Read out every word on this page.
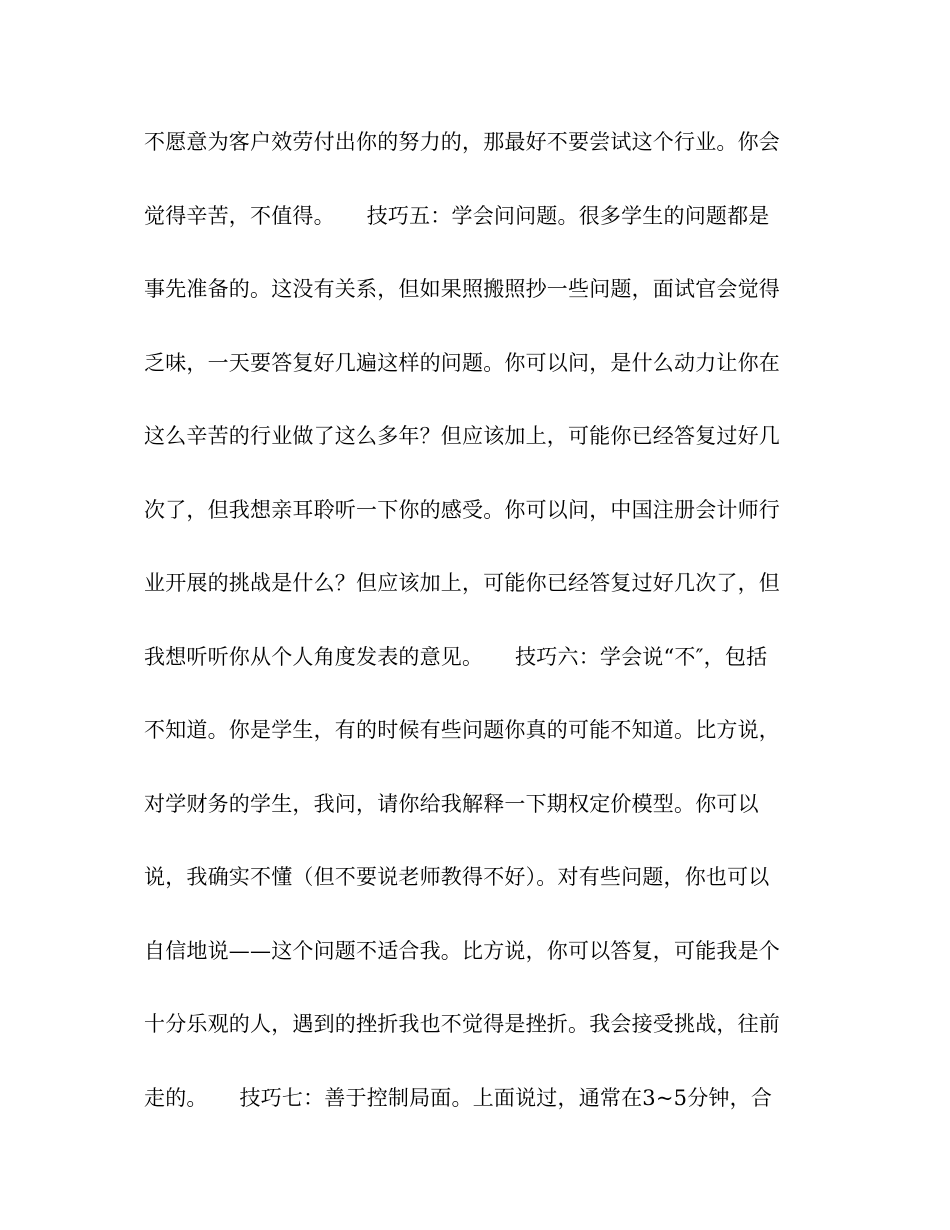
不愿意为客户效劳付出你的努力的，那最好不要尝试这个行业。你会
觉得辛苦，不值得。　　技巧五：学会问问题。很多学生的问题都是
事先准备的。这没有关系，但如果照搬照抄一些问题，面试官会觉得
乏味，一天要答复好几遍这样的问题。你可以问，是什么动力让你在
这么辛苦的行业做了这么多年？但应该加上，可能你已经答复过好几
次了，但我想亲耳聆听一下你的感受。你可以问，中国注册会计师行
业开展的挑战是什么？但应该加上，可能你已经答复过好几次了，但
我想听听你从个人角度发表的意见。　　技巧六：学会说“不″，包括
不知道。你是学生，有的时候有些问题你真的可能不知道。比方说，
对学财务的学生，我问，请你给我解释一下期权定价模型。你可以
说，我确实不懂（但不要说老师教得不好）。对有些问题，你也可以
自信地说——这个问题不适合我。比方说，你可以答复，可能我是个
十分乐观的人，遇到的挫折我也不觉得是挫折。我会接受挑战，往前
走的。　　技巧七：善于控制局面。上面说过，通常在3~5分钟，合
